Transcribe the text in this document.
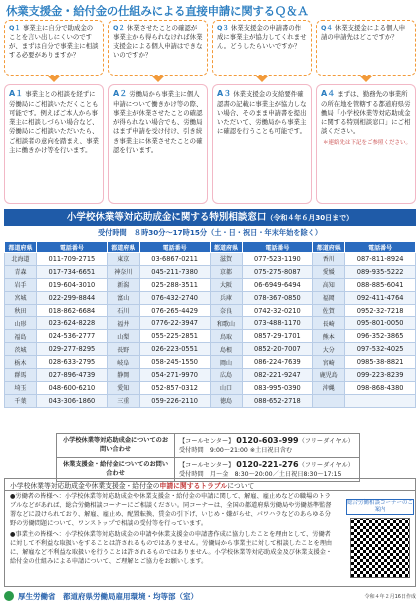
休業支援金・給付金の仕組みによる直接申請に関するＱ＆Ａ
Q１ 事業主に自分で助成金のことを言い出しにくいのですが、まずは自分で事業主に相談する必要がありますか？
Q２ 休業させたことの確認が事業主から得られなければ休業支援金による個人申請はできないのですか？
Q３ 休業支援金の申請書の作成に事業主が協力してくれません。どうしたらいいですか？
Q４ 休業支援金による個人申請の申請先はどこですか？
A１ 事業主との相談を経ずに労働局にご相談いただくことも可能です。例えばご本人から事業主に相談しづらい場合など、労働局にご相談いただいたら、ご相談者の意向を踏まえ、事業主に働きかけ等を行います。
A２ 労働局から事業主に個人申請について働きかけ等の際、事業主が休業させたことの確認が得られない場合でも、労働局はまず申請を受け付け、引き続き事業主に休業させたことの確認を行います。
A３ 休業支援金の支給要件確認書の記載に事業主が協力しない場合、そのまま申請書を提出いただいて、労働局から事業主に確認を行うことも可能です。
A４ まずは、勤務先の事業所の所在地を管轄する都道府県労働局「小学校休業等対応助成金に関する特別相談窓口」にご相談ください。
＊連絡先は下記をご参照ください。
小学校休業等対応助成金に関する特別相談窓口（令和４年６月30日まで）
受付時間　８時30分～17時15分（土・日・祝日・年末年始を除く）
都道府県	電話番号	都道府県	電話番号	都道府県	電話番号	都道府県	電話番号
北海道	011-709-2715	東京	03-6867-0211	滋賀	077-523-1190	香川	087-811-8924
青森	017-734-6651	神奈川	045-211-7380	京都	075-275-8087	愛媛	089-935-5222
岩手	019-604-3010	新潟	025-288-3511	大阪	06-6949-6494	高知	088-885-6041
宮城	022-299-8844	富山	076-432-2740	兵庫	078-367-0850	福岡	092-411-4764
秋田	018-862-6684	石川	076-265-4429	奈良	0742-32-0210	佐賀	0952-32-7218
山形	023-624-8228	福井	0776-22-3947	和歌山	073-488-1170	長崎	095-801-0050
福島	024-536-2777	山梨	055-225-2851	鳥取	0857-29-1701	熊本	096-352-3865
茨城	029-277-8295	長野	026-223-0551	島根	0852-20-7007	大分	097-532-4025
栃木	028-633-2795	岐阜	058-245-1550	岡山	086-224-7639	宮崎	0985-38-8821
群馬	027-896-4739	静岡	054-271-9970	広島	082-221-9247	鹿児島	099-223-8239
埼玉	048-600-6210	愛知	052-857-0312	山口	083-995-0390	沖縄	098-868-4380
千葉	043-306-1860	三重	059-226-2110	徳島	088-652-2718		
小学校休業等対応助成金についてのお問い合わせ	【コールセンター】 0120-603-999（フリーダイヤル）
受付時間　9:00～21:00 ※土日祝日含む
休業支援金・給付金についてのお問い合わせ	【コールセンター】 0120-221-276（フリーダイヤル）
受付時間　月～金　8:30～20:00／土日祝日8:30～17:15
小学校休業等対応助成金や休業支援金・給付金の申請に関するトラブルについて

●労働者の皆様へ：小学校休業等対応助成金や休業支援金・給付金の申請に関して、解雇、雇止めなどの職場のトラブルなどがあれば、総合労働相談コーナーにご相談ください。同コーナーは、全国の都道府県労働局や労働基準監督署などに設けられており、解雇、雇止め、配置転換、賃金の引下げ、いじめ・嫌がらせ、パワハラなどのあらゆる分野の労働問題について、ワンストップで相談の受付等を行っています。

●事業主の皆様へ：小学校休業等対応助成金の申請や休業支援金の申請書作成に協力したことを理由として、労働者に対して不利益な取扱いをすることは許されるものではありません。労働局から事業主に対して相談したことを理由に、解雇など不利益な取扱いを行うことは許されるものではありません。小学校休業等対応助成金及び休業支援金・給付金の仕組みによる申請について、ご理解とご協力をお願いします。

総合労働相談コーナーのご案内
厚生労働省　都道府県労働局雇用環境・均等部（室）	令和４年２月16日作成
